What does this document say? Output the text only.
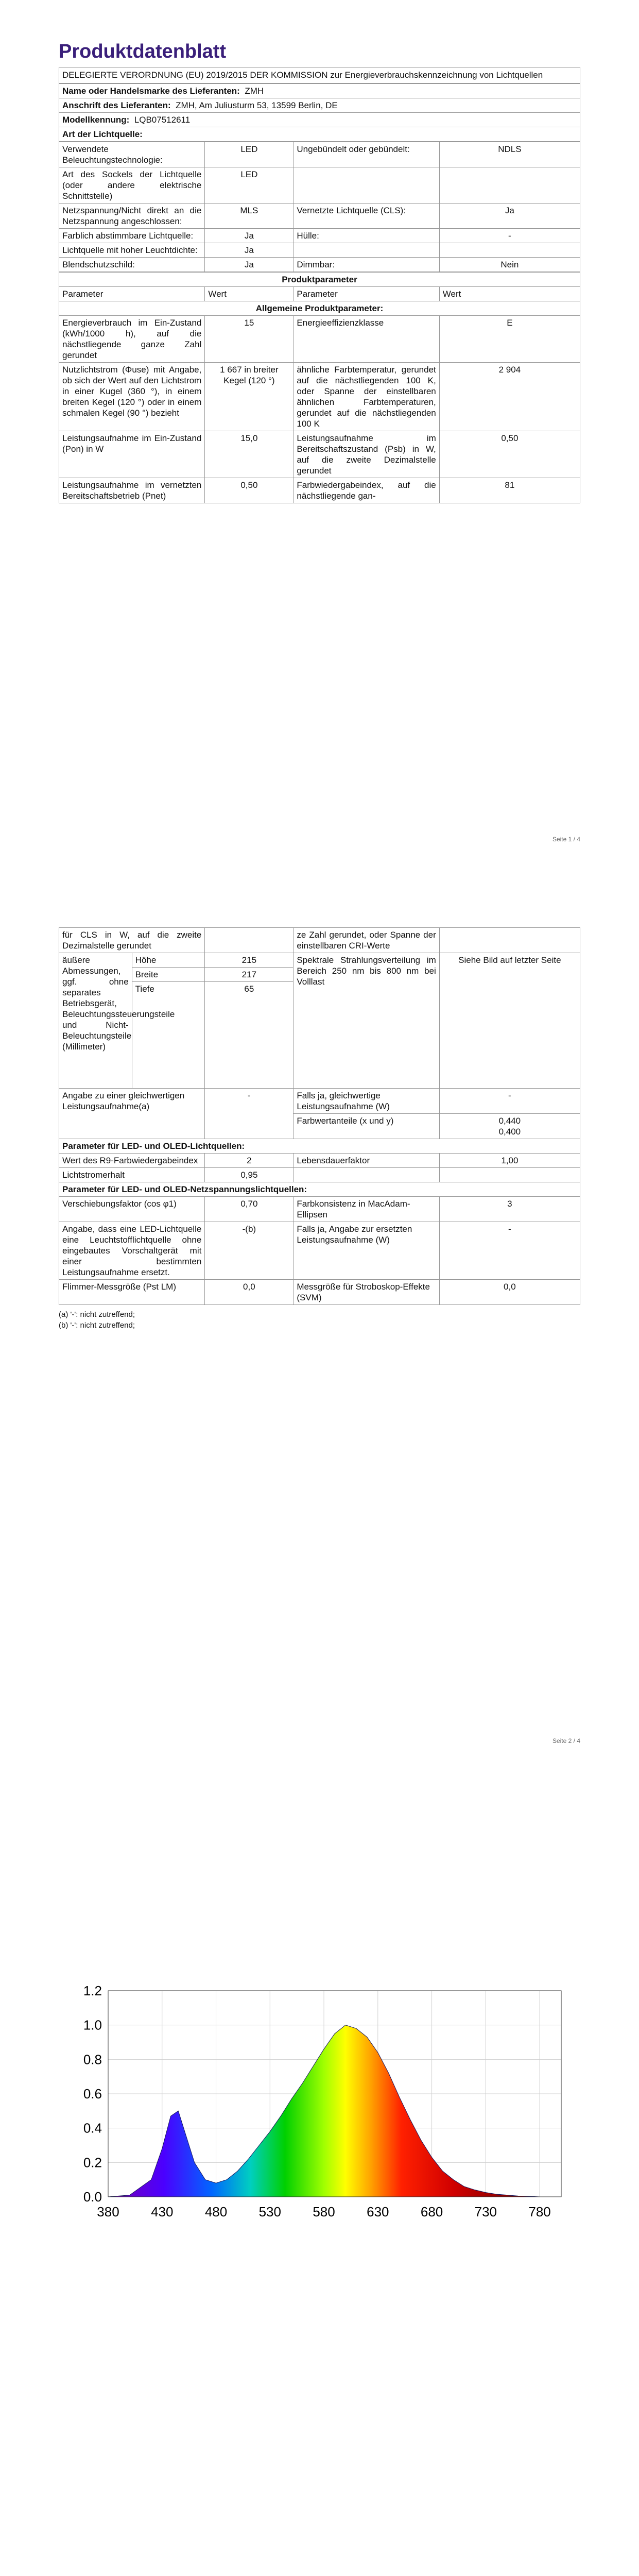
Produktdatenblatt
DELEGIERTE VERORDNUNG (EU) 2019/2015 DER KOMMISSION zur Energieverbrauchskennzeichnung von Lichtquellen
Name oder Handelsmarke des Lieferanten: ZMH
Anschrift des Lieferanten: ZMH, Am Juliusturm 53, 13599 Berlin, DE
Modellkennung: LQB07512611
Art der Lichtquelle:
Verwendete Beleuchtungstechnologie:	LED	Ungebündelt oder gebündelt:	NDLS
Art des Sockels der Lichtquelle (oder andere elektrische Schnittstelle)	LED		
Netzspannung/Nicht direkt an die Netzspannung angeschlossen:	MLS	Vernetzte Lichtquelle (CLS):	Ja
Farblich abstimmbare Lichtquelle:	Ja	Hülle:	-
Lichtquelle mit hoher Leuchtdichte:	Ja		
Blendschutzschild:	Ja	Dimmbar:	Nein
Produktparameter			
Parameter	Wert	Parameter	Wert
Allgemeine Produktparameter:			
Energieverbrauch im Ein-Zustand (kWh/1000 h), auf die nächstliegende ganze Zahl gerundet	15	Energieeffizienzklasse	E
Nutzlichtstrom (Φuse) mit Angabe, ob sich der Wert auf den Lichtstrom in einer Kugel (360 °), in einem breiten Kegel (120 °) oder in einem schmalen Kegel (90 °) bezieht	1 667 in breiter Kegel (120 °)	ähnliche Farbtemperatur, gerundet auf die nächstliegenden 100 K, oder Spanne der einstellbaren ähnlichen Farbtemperaturen, gerundet auf die nächstliegenden 100 K	2 904
Leistungsaufnahme im Ein-Zustand (Pon) in W	15,0	Leistungsaufnahme im Bereitschaftszustand (Psb) in W, auf die zweite Dezimalstelle gerundet	0,50
Leistungsaufnahme im vernetzten Bereitschaftsbetrieb (Pnet)	0,50	Farbwiedergabeindex, auf die nächstliegende gan-	81
Seite 1 / 4
für CLS in W, auf die zweite Dezimalstelle gerundet			ze Zahl gerundet, oder Spanne der einstellbaren CRI-Werte	
äußere Abmessungen, ggf. ohne separates Betriebsgerät, Beleuchtungssteuerungsteile und Nicht-Beleuchtungsteile (Millimeter)	Höhe	215	Spektrale Strahlungsverteilung im Bereich 250 nm bis 800 nm bei Volllast	Siehe Bild auf letzter Seite
	Breite	217		
	Tiefe	65		
Angabe zu einer gleichwertigen Leistungsaufnahme(a)		-	Falls ja, gleichwertige Leistungsaufnahme (W)	-
			Farbwertanteile (x und y)	0,440
0,400

Parameter für LED- und OLED-Lichtquellen:				
Wert des R9-Farbwiedergabeindex		2	Lebensdauerfaktor	1,00
Lichtstromerhalt		0,95		
Parameter für LED- und OLED-Netzspannungslichtquellen:				
Verschiebungsfaktor (cos φ1)		0,70	Farbkonsistenz in MacAdam-Ellipsen	3
Angabe, dass eine LED-Lichtquelle eine Leuchtstofflichtquelle ohne eingebautes Vorschaltgerät mit einer bestimmten Leistungsaufnahme ersetzt.		-(b)	Falls ja, Angabe zur ersetzten Leistungsaufnahme (W)	-
Flimmer-Messgröße (Pst LM)		0,0	Messgröße für Stroboskop-Effekte (SVM)	0,0
(a) '-': nicht zutreffend;
(b) '-': nicht zutreffend;
Seite 2 / 4
0.0
0.2
0.4
0.6
0.8
1.0
1.2
380 430 480 530 580 630 680 730 780
